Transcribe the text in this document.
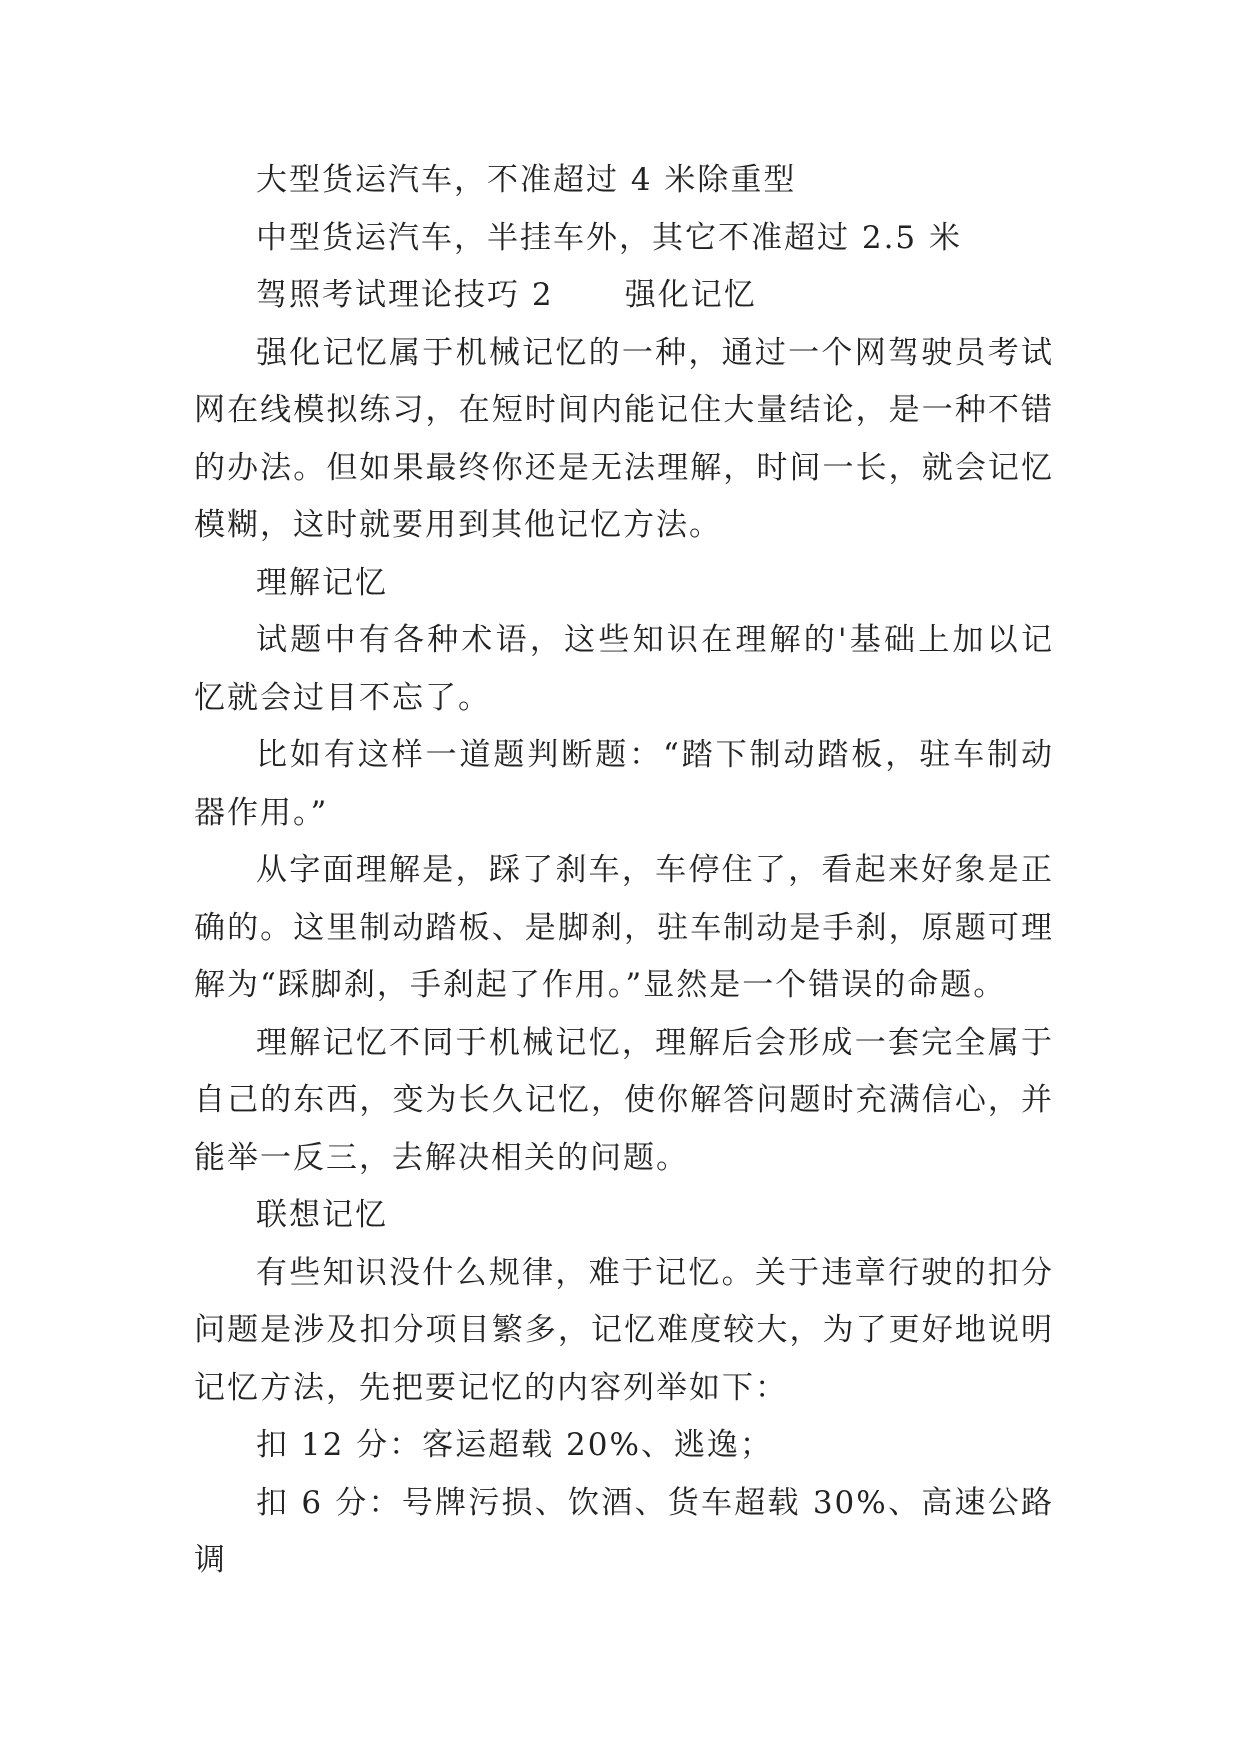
大型货运汽车，不准超过 4 米除重型

中型货运汽车，半挂车外，其它不准超过 2.5 米

驾照考试理论技巧 2      强化记忆

强化记忆属于机械记忆的一种，通过一个网驾驶员考试网在线模拟练习，在短时间内能记住大量结论，是一种不错的办法。但如果最终你还是无法理解，时间一长，就会记忆模糊，这时就要用到其他记忆方法。

理解记忆

试题中有各种术语，这些知识在理解的'基础上加以记忆就会过目不忘了。

比如有这样一道题判断题：“踏下制动踏板，驻车制动器作用。”

从字面理解是，踩了刹车，车停住了，看起来好象是正确的。这里制动踏板、是脚刹，驻车制动是手刹，原题可理解为“踩脚刹，手刹起了作用。”显然是一个错误的命题。

理解记忆不同于机械记忆，理解后会形成一套完全属于自己的东西，变为长久记忆，使你解答问题时充满信心，并能举一反三，去解决相关的问题。

联想记忆

有些知识没什么规律，难于记忆。关于违章行驶的扣分问题是涉及扣分项目繁多，记忆难度较大，为了更好地说明记忆方法，先把要记忆的内容列举如下：

扣 12 分：客运超载 20%、逃逸；

扣 6 分：号牌污损、饮酒、货车超载 30%、高速公路调
